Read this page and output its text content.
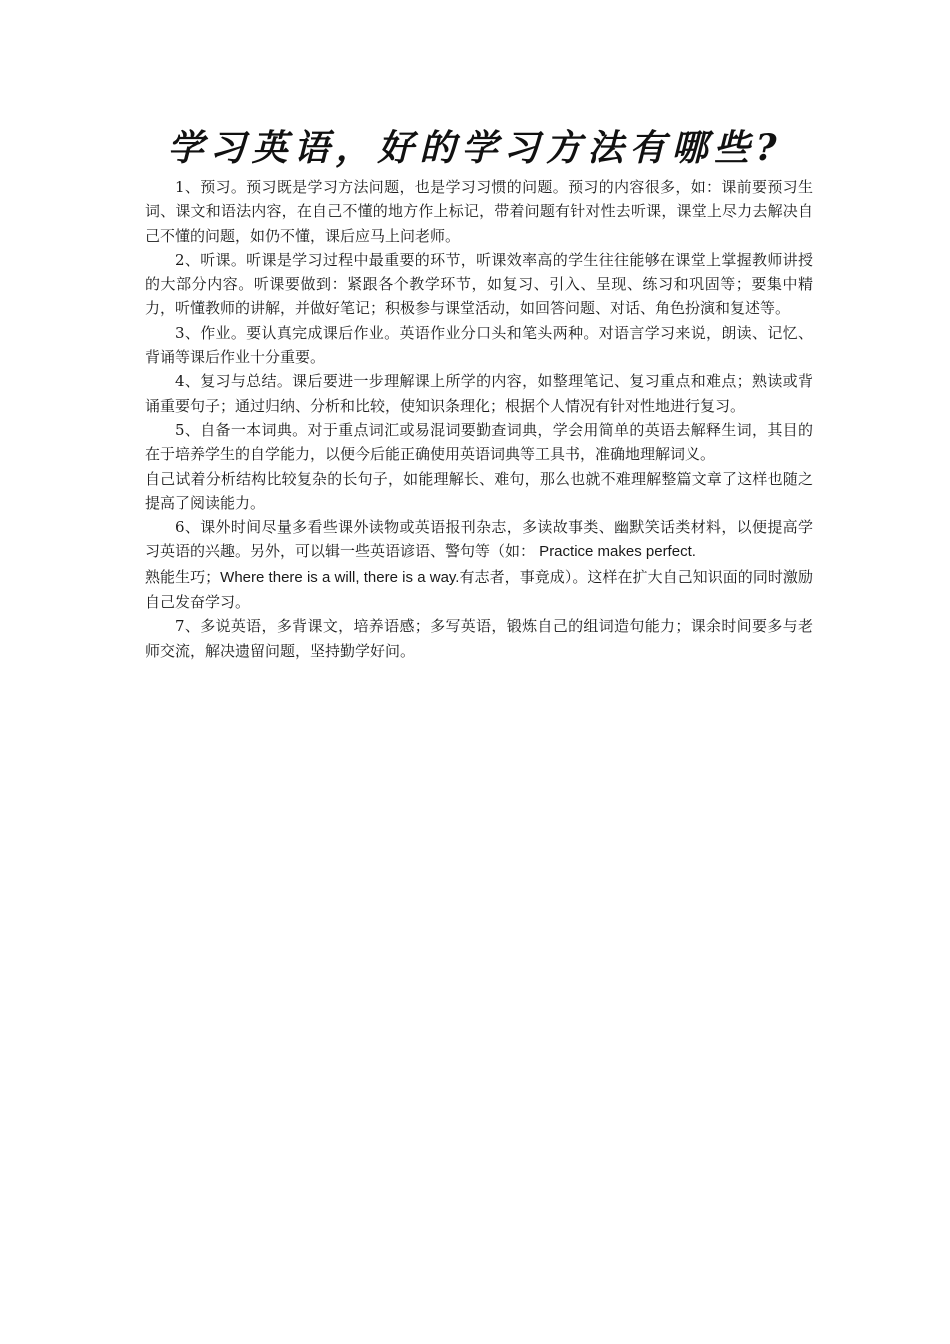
学习英语，好的学习方法有哪些?

1、预习。预习既是学习方法问题，也是学习习惯的问题。预习的内容很多，如：课前要预习生词、课文和语法内容，在自己不懂的地方作上标记，带着问题有针对性去听课，课堂上尽力去解决自己不懂的问题，如仍不懂，课后应马上问老师。

2、听课。听课是学习过程中最重要的环节，听课效率高的学生往往能够在课堂上掌握教师讲授的大部分内容。听课要做到：紧跟各个教学环节，如复习、引入、呈现、练习和巩固等；要集中精力，听懂教师的讲解，并做好笔记；积极参与课堂活动，如回答问题、对话、角色扮演和复述等。

3、作业。要认真完成课后作业。英语作业分口头和笔头两种。对语言学习来说，朗读、记忆、背诵等课后作业十分重要。

4、复习与总结。课后要进一步理解课上所学的内容，如整理笔记、复习重点和难点；熟读或背诵重要句子；通过归纳、分析和比较，使知识条理化；根据个人情况有针对性地进行复习。

5、自备一本词典。对于重点词汇或易混词要勤查词典，学会用简单的英语去解释生词，其目的在于培养学生的自学能力，以便今后能正确使用英语词典等工具书，准确地理解词义。

自己试着分析结构比较复杂的长句子，如能理解长、难句，那么也就不难理解整篇文章了这样也随之提高了阅读能力。

6、课外时间尽量多看些课外读物或英语报刊杂志，多读故事类、幽默笑话类材料，以便提高学习英语的兴趣。另外，可以辑一些英语谚语、警句等（如： Practice makes perfect.
熟能生巧；Where there is a will, there is a way.有志者，事竟成）。这样在扩大自己知识面的同时激励自己发奋学习。

7、多说英语，多背课文，培养语感；多写英语，锻炼自己的组词造句能力；课余时间要多与老师交流，解决遗留问题，坚持勤学好问。
